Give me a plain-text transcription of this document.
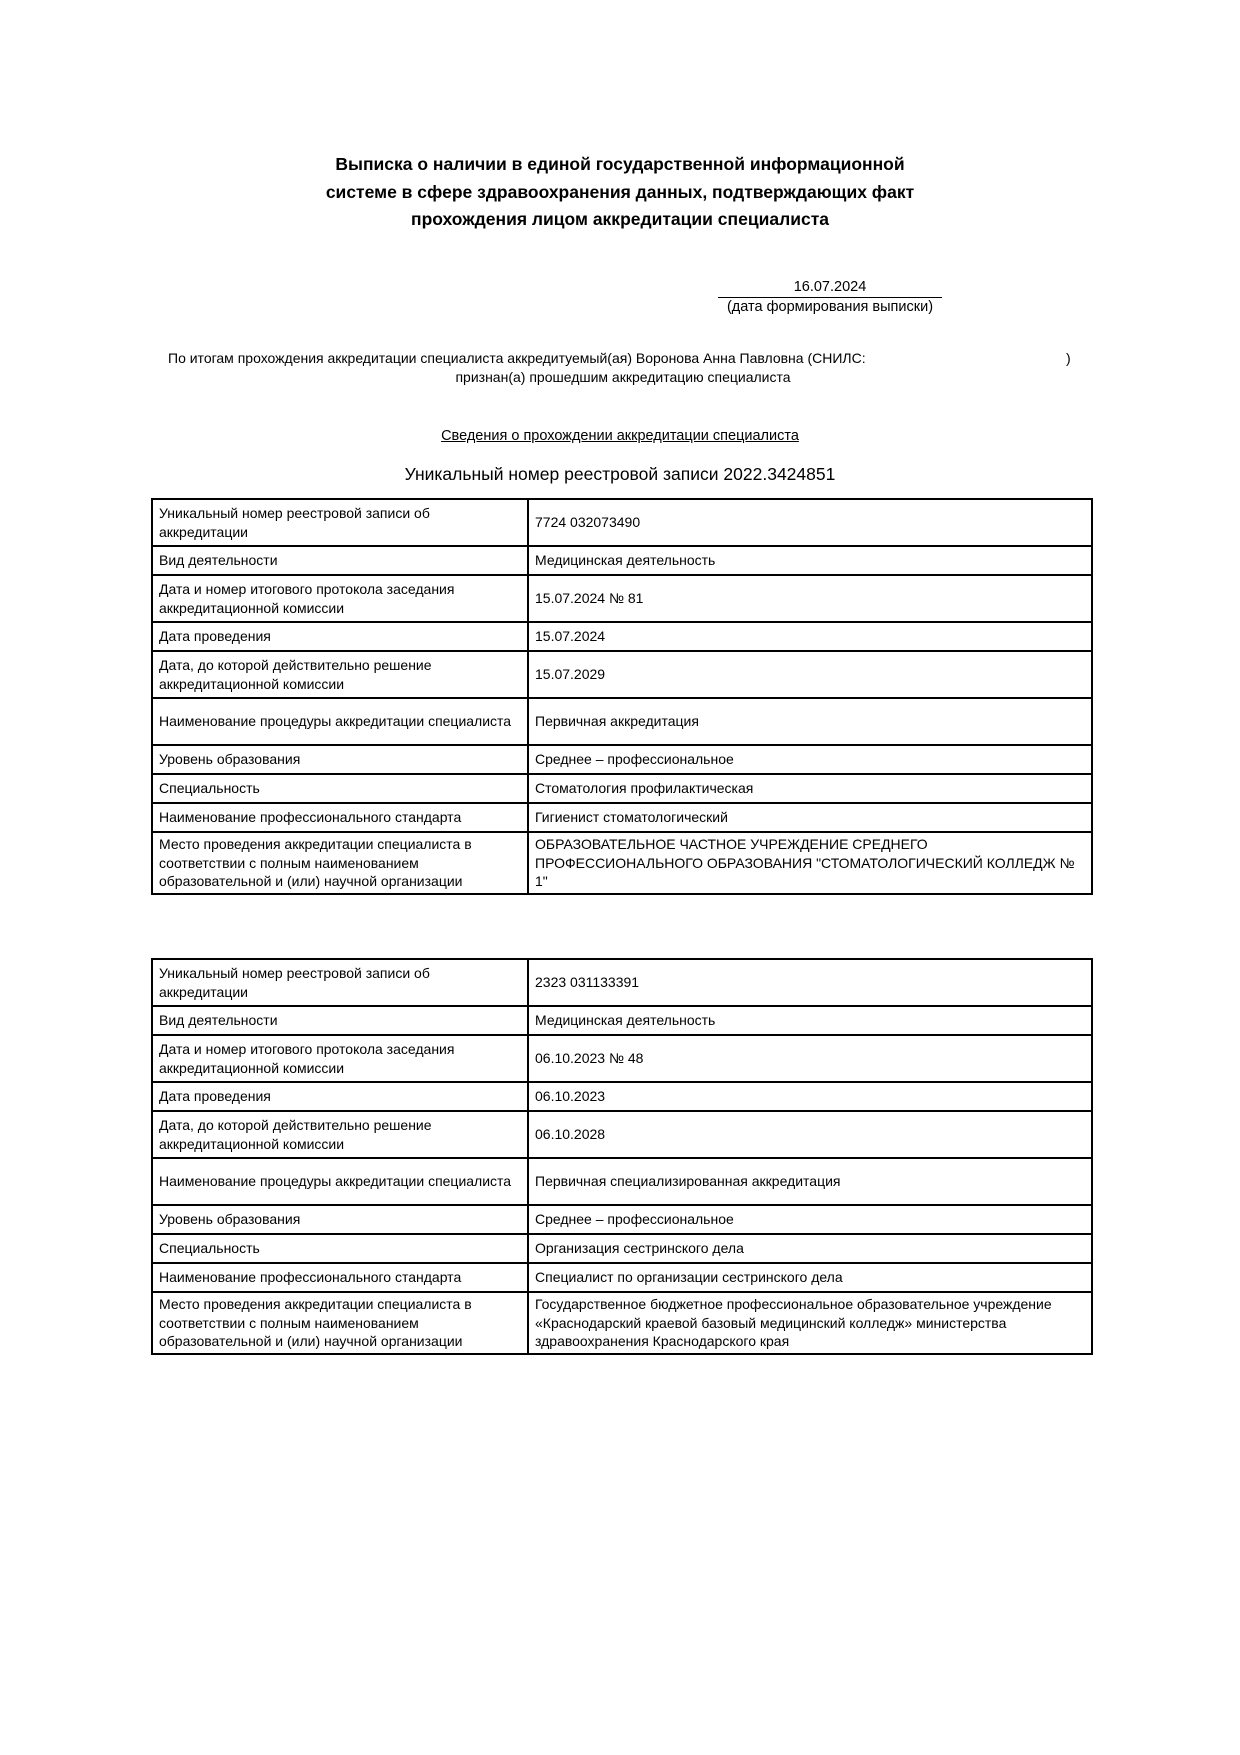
Выписка о наличии в единой государственной информационной
системе в сфере здравоохранения данных, подтверждающих факт
прохождения лицом аккредитации специалиста
16.07.2024
(дата формирования выписки)
По итогам прохождения аккредитации специалиста аккредитуемый(ая) Воронова Анна Павловна (СНИЛС:	)
признан(а) прошедшим аккредитацию специалиста
Сведения о прохождении аккредитации специалиста
Уникальный номер реестровой записи 2022.3424851
Уникальный номер реестровой записи об аккредитации	7724 032073490
Вид деятельности	Медицинская деятельность
Дата и номер итогового протокола заседания аккредитационной комиссии	15.07.2024 № 81
Дата проведения	15.07.2024
Дата, до которой действительно решение аккредитационной комиссии	15.07.2029
Наименование процедуры аккредитации специалиста	Первичная аккредитация
Уровень образования	Среднее – профессиональное
Специальность	Стоматология профилактическая
Наименование профессионального стандарта	Гигиенист стоматологический
Место проведения аккредитации специалиста в соответствии с полным наименованием образовательной и (или) научной организации	ОБРАЗОВАТЕЛЬНОЕ ЧАСТНОЕ УЧРЕЖДЕНИЕ СРЕДНЕГО ПРОФЕССИОНАЛЬНОГО ОБРАЗОВАНИЯ "СТОМАТОЛОГИЧЕСКИЙ КОЛЛЕДЖ № 1"
Уникальный номер реестровой записи об аккредитации	2323 031133391
Вид деятельности	Медицинская деятельность
Дата и номер итогового протокола заседания аккредитационной комиссии	06.10.2023 № 48
Дата проведения	06.10.2023
Дата, до которой действительно решение аккредитационной комиссии	06.10.2028
Наименование процедуры аккредитации специалиста	Первичная специализированная аккредитация
Уровень образования	Среднее – профессиональное
Специальность	Организация сестринского дела
Наименование профессионального стандарта	Специалист по организации сестринского дела
Место проведения аккредитации специалиста в соответствии с полным наименованием образовательной и (или) научной организации	Государственное бюджетное профессиональное образовательное учреждение «Краснодарский краевой базовый медицинский колледж» министерства здравоохранения Краснодарского края
